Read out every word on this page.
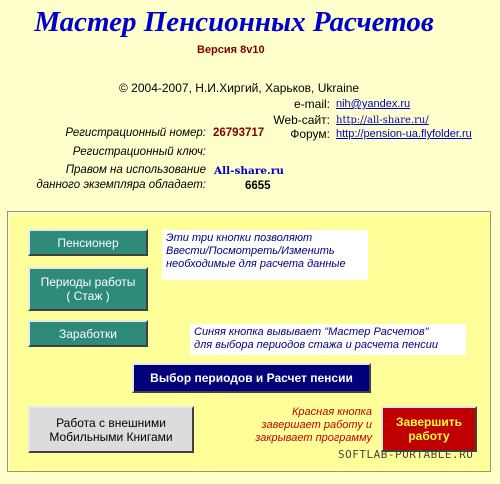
Мастер Пенсионных Расчетов
Версия 8v10
© 2004-2007, Н.И.Хиргий, Харьков, Ukraine
e-mail: nih@yandex.ru
Web-сайт: http://all-share.ru/
Регистрационный номер: 26793717	Форум: http://pension-ua.flyfolder.ru
Регистрационный ключ:
Правом на использование
данного экземпляра обладает:
All-share.ru
6655
Пенсионер
Периоды работы
( Стаж )
Заработки
Эти три кнопки позволяют
Ввести/Посмотреть/Изменить
необходимые для расчета данные
Синяя кнопка вывывает "Мастер Расчетов"
для выбора периодов стажа и расчета пенсии
Выбор периодов и Расчет пенсии
Работа с внешними
Мобильными Книгами
Красная кнопка
завершает работу и
закрывает программу
Завершить
работу
SOFTLAB-PORTABLE.RU
